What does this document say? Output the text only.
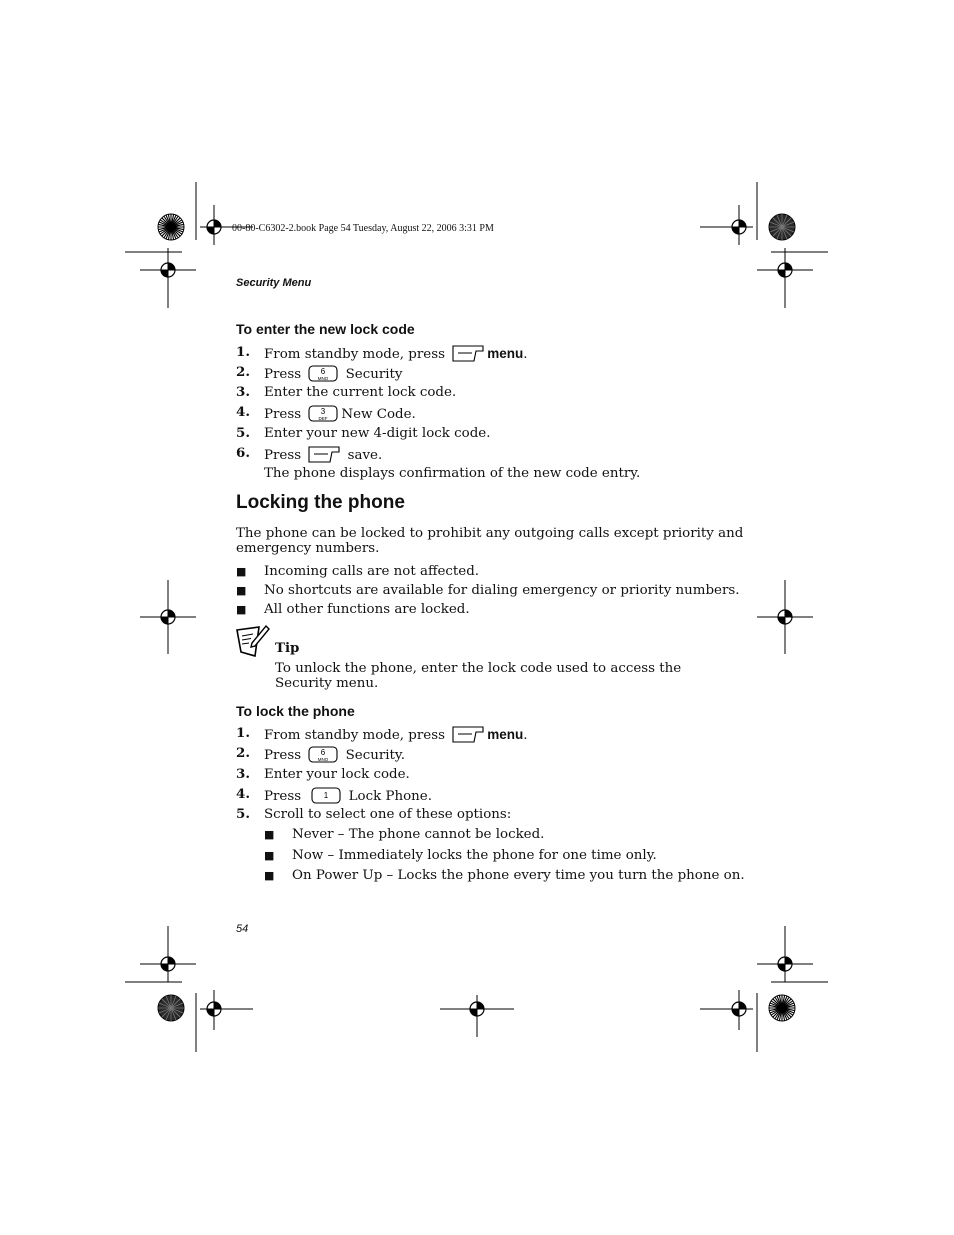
00-80-C6302-2.book Page 54 Tuesday, August 22, 2006 3:31 PM
Security Menu
To enter the new lock code
1. From standby mode, press	menu.
2. Press	6
MNO Security
3. Enter the current lock code.
4. Press	3
DEF New Code.
5. Enter your new 4-digit lock code.
6. Press	save.
The phone displays confirmation of the new code entry.
Locking the phone
The phone can be locked to prohibit any outgoing calls except priority and
emergency numbers.
■ Incoming calls are not affected.
■ No shortcuts are available for dialing emergency or priority numbers.
■ All other functions are locked.
Tip
To unlock the phone, enter the lock code used to access the
Security menu.
To lock the phone
1. From standby mode, press	menu.
2. Press	6
MNO Security.
3. Enter your lock code.
4. Press	1 Lock Phone.
5. Scroll to select one of these options:
■ Never – The phone cannot be locked.
■ Now – Immediately locks the phone for one time only.
■ On Power Up – Locks the phone every time you turn the phone on.
54
